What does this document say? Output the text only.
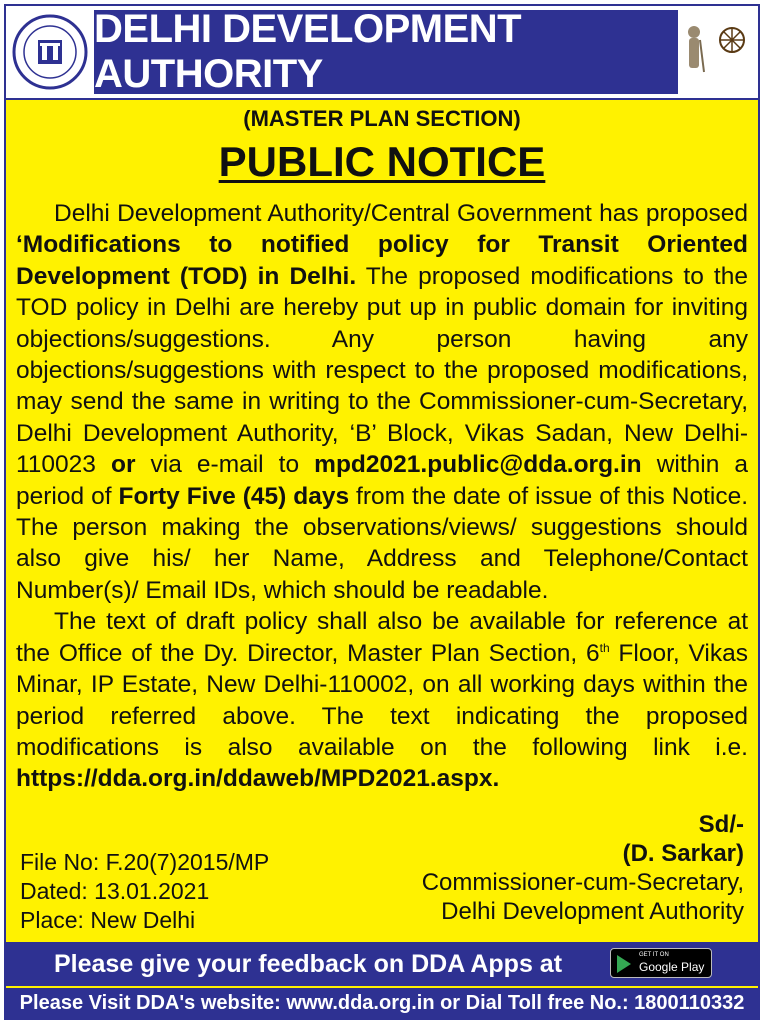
DELHI DEVELOPMENT AUTHORITY
(MASTER PLAN SECTION)
PUBLIC NOTICE

Delhi Development Authority/Central Government has proposed ‘Modifications to notified policy for Transit Oriented Development (TOD) in Delhi. The proposed modifications to the TOD policy in Delhi are hereby put up in public domain for inviting objections/suggestions. Any person having any objections/suggestions with respect to the proposed modifications, may send the same in writing to the Commissioner-cum-Secretary, Delhi Development Authority, ‘B’ Block, Vikas Sadan, New Delhi-110023 or via e-mail to mpd2021.public@dda.org.in within a period of Forty Five (45) days from the date of issue of this Notice. The person making the observations/views/ suggestions should also give his/ her Name, Address and Telephone/Contact Number(s)/ Email IDs, which should be readable.

The text of draft policy shall also be available for reference at the Office of the Dy. Director, Master Plan Section, 6th Floor, Vikas Minar, IP Estate, New Delhi-110002, on all working days within the period referred above. The text indicating the proposed modifications is also available on the following link i.e. https://dda.org.in/ddaweb/MPD2021.aspx.

Sd/-
(D. Sarkar)
Commissioner-cum-Secretary,
Delhi Development Authority
File No: F.20(7)2015/MP
Dated: 13.01.2021
Place: New Delhi
Please give your feedback on DDA Apps at	GET IT ON
Google Play
Please Visit DDA's website: www.dda.org.in or Dial Toll free No.: 1800110332
